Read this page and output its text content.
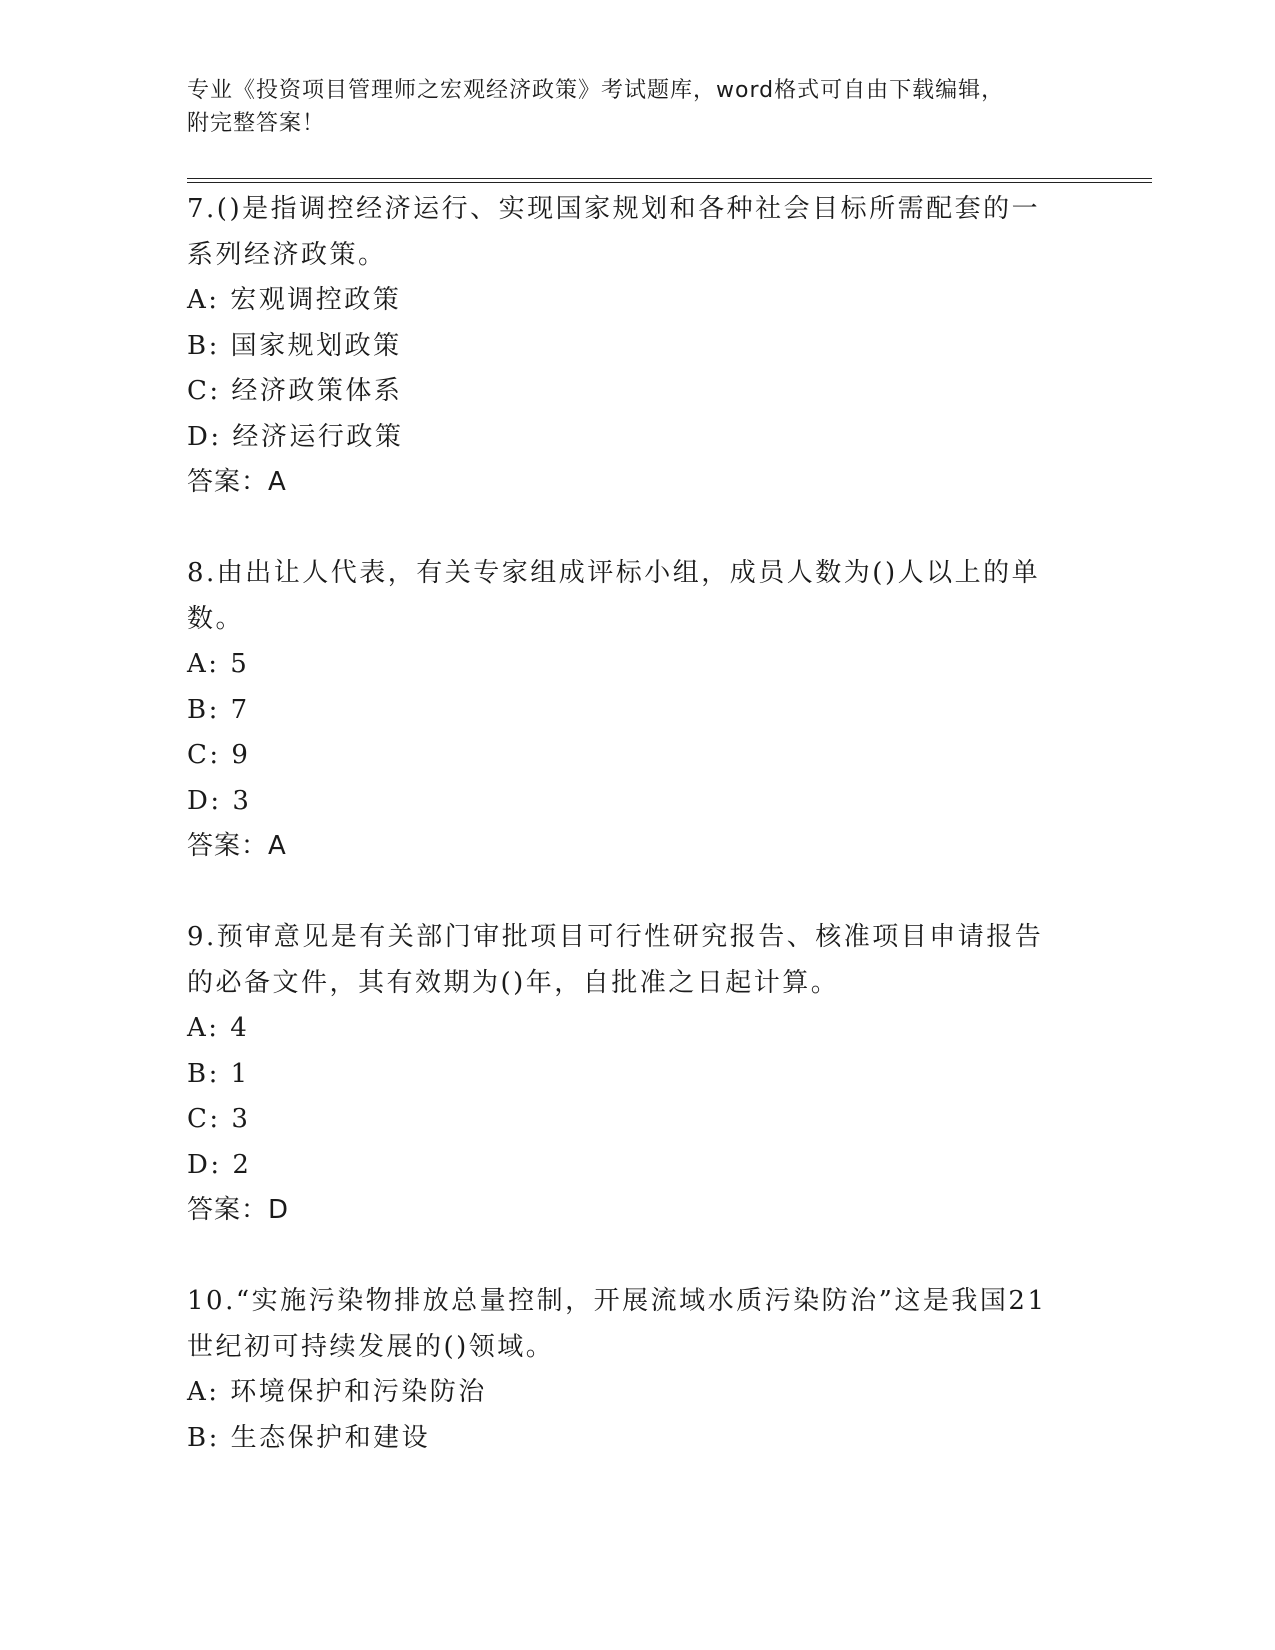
专业《投资项目管理师之宏观经济政策》考试题库，word格式可自由下载编辑，
附完整答案！

7.()是指调控经济运行、实现国家规划和各种社会目标所需配套的一系列经济政策。

A: 宏观调控政策

B: 国家规划政策

C: 经济政策体系

D: 经济运行政策

答案：A

8.由出让人代表，有关专家组成评标小组，成员人数为()人以上的单数。

A: 5

B: 7

C: 9

D: 3

答案：A

9.预审意见是有关部门审批项目可行性研究报告、核准项目申请报告的必备文件，其有效期为()年，自批准之日起计算。

A: 4

B: 1

C: 3

D: 2

答案：D

10.“实施污染物排放总量控制，开展流域水质污染防治”这是我国21世纪初可持续发展的()领域。

A: 环境保护和污染防治

B: 生态保护和建设
